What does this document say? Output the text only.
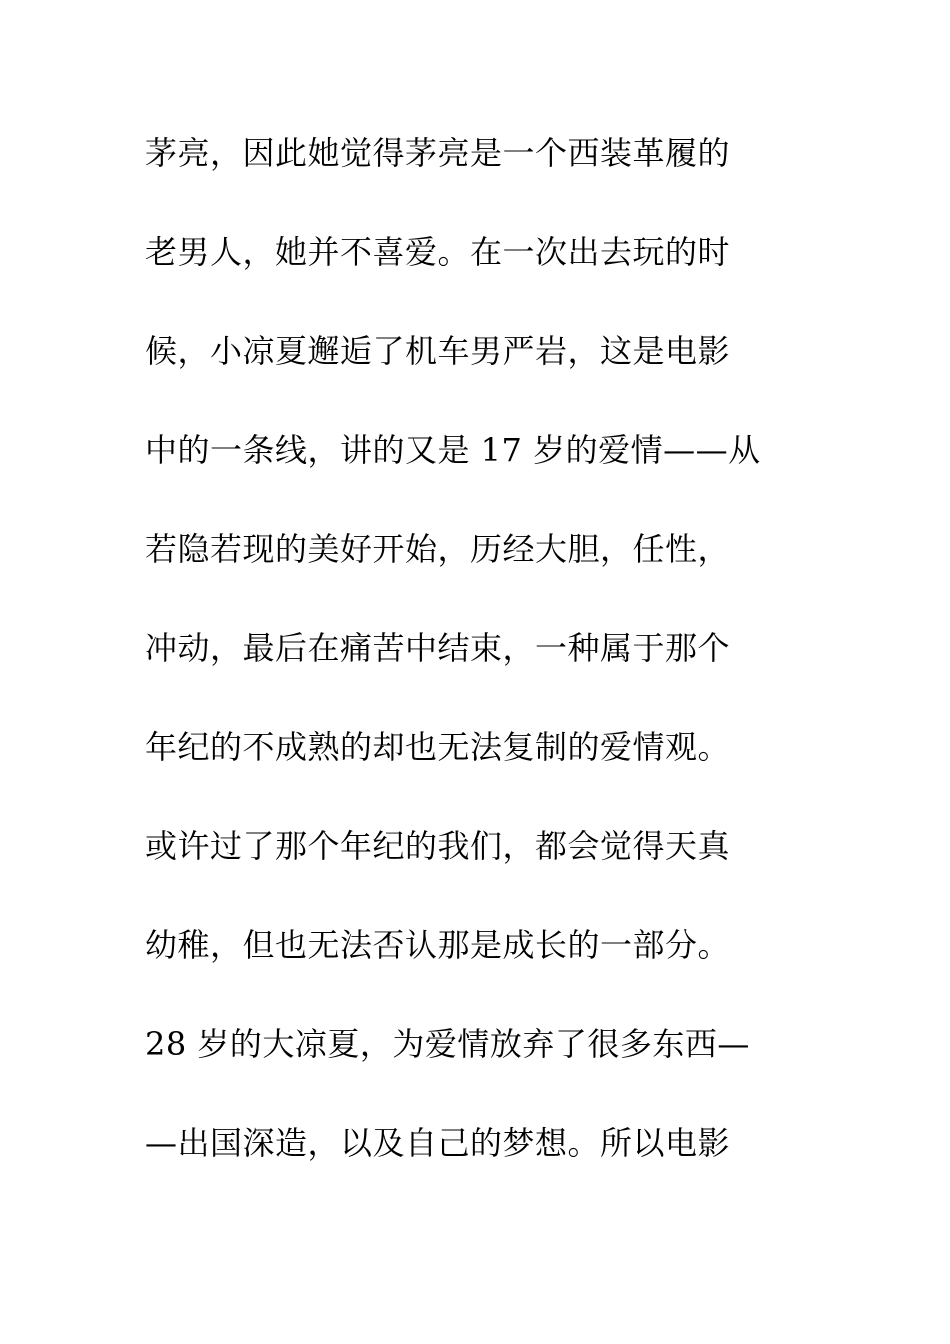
茅亮，因此她觉得茅亮是一个西装革履的
老男人，她并不喜爱。在一次出去玩的时
候，小凉夏邂逅了机车男严岩，这是电影
中的一条线，讲的又是 17 岁的爱情——从
若隐若现的美好开始，历经大胆，任性，
冲动，最后在痛苦中结束，一种属于那个
年纪的不成熟的却也无法复制的爱情观。
或许过了那个年纪的我们，都会觉得天真
幼稚，但也无法否认那是成长的一部分。
28 岁的大凉夏，为爱情放弃了很多东西—
—出国深造，以及自己的梦想。所以电影
